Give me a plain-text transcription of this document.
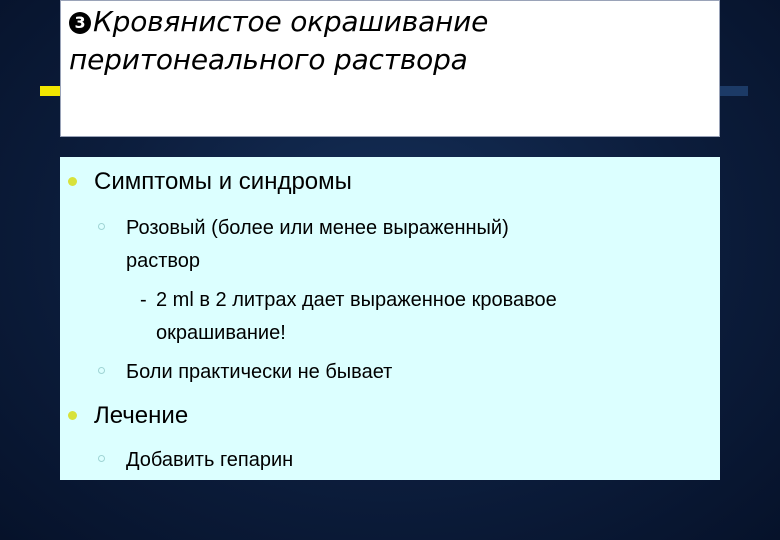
3 Кровянистое окрашивание
перитонеального раствора
Симптомы и синдромы
Розовый (более или менее выраженный)
раствор
- 2 ml в 2 литрах дает выраженное кровавое
окрашивание!
Боли практически не бывает
Лечение
Добавить гепарин
